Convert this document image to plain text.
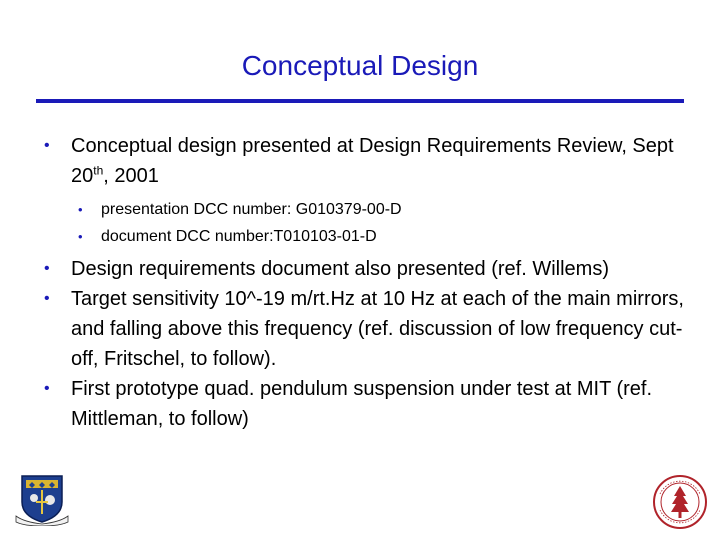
Conceptual Design
• Conceptual design presented at Design Requirements Review, Sept 20th, 2001
• presentation DCC number: G010379-00-D
• document DCC number:T010103-01-D
• Design requirements document also presented (ref. Willems)
• Target sensitivity 10^-19 m/rt.Hz at 10 Hz at each of the main mirrors, and falling above this frequency (ref. discussion of low frequency cut-off, Fritschel, to follow).
• First prototype quad. pendulum suspension under test at MIT (ref. Mittleman, to follow)
